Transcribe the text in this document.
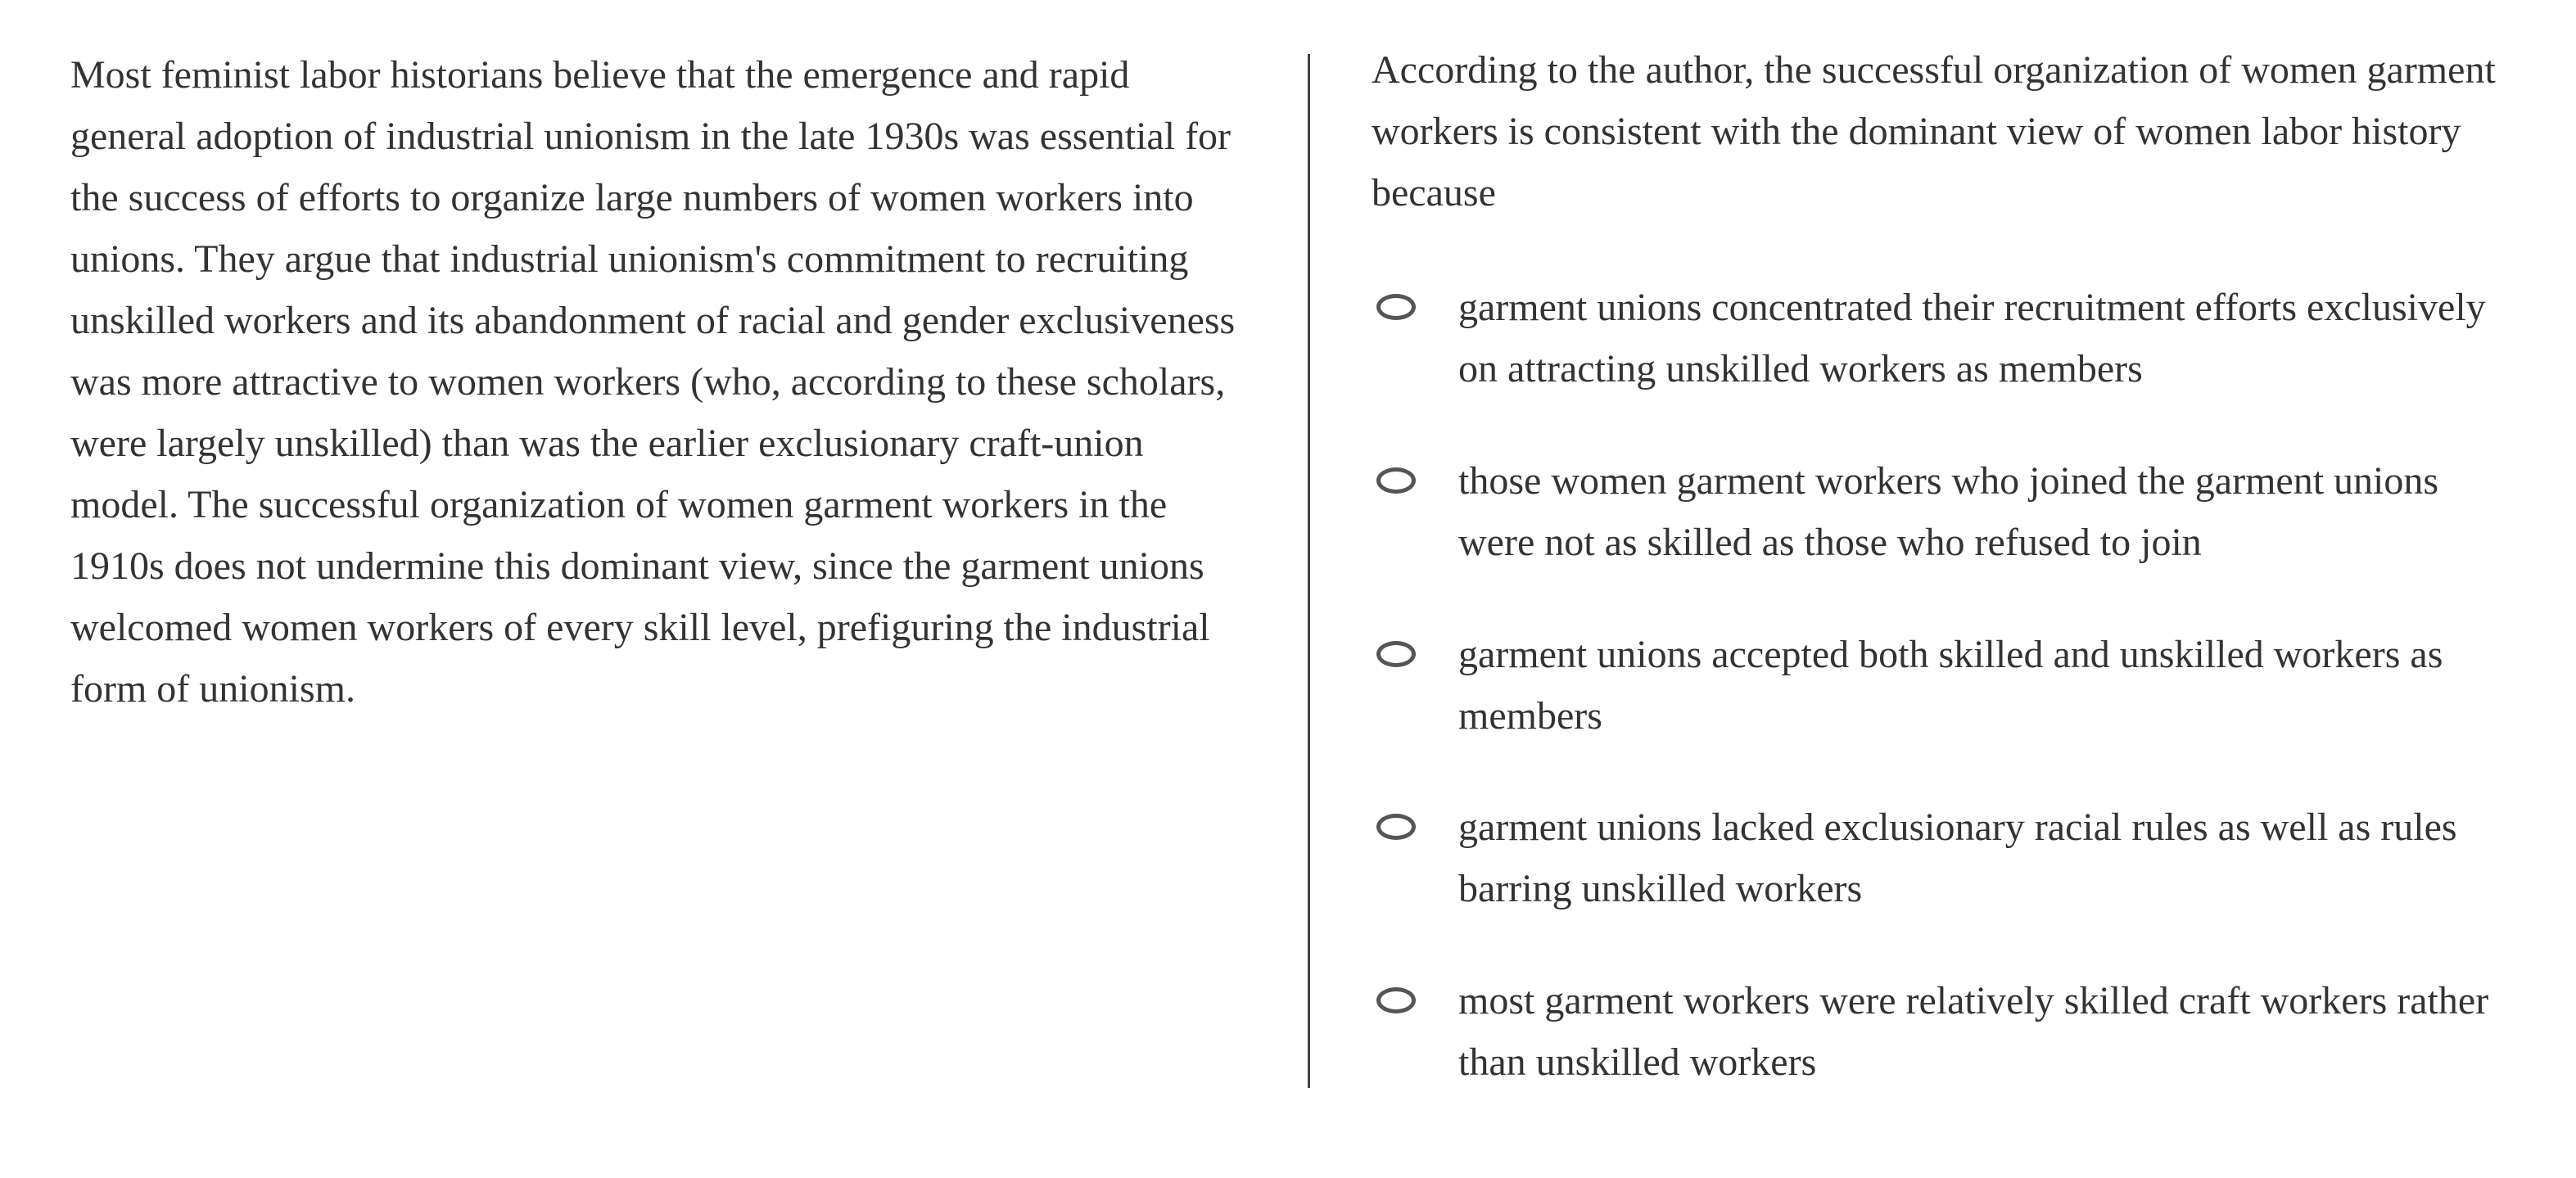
Most feminist labor historians believe that the emergence and rapid general adoption of industrial unionism in the late 1930s was essential for the success of efforts to organize large numbers of women workers into unions. They argue that industrial unionism's commitment to recruiting unskilled workers and its abandonment of racial and gender exclusiveness was more attractive to women workers (who, according to these scholars, were largely unskilled) than was the earlier exclusionary craft-union model. The successful organization of women garment workers in the 1910s does not undermine this dominant view, since the garment unions welcomed women workers of every skill level, prefiguring the industrial form of unionism.

According to the author, the successful organization of women garment workers is consistent with the dominant view of women labor history because

garment unions concentrated their recruitment efforts exclusively on attracting unskilled workers as members
those women garment workers who joined the garment unions were not as skilled as those who refused to join
garment unions accepted both skilled and unskilled workers as members
garment unions lacked exclusionary racial rules as well as rules barring unskilled workers
most garment workers were relatively skilled craft workers rather than unskilled workers
